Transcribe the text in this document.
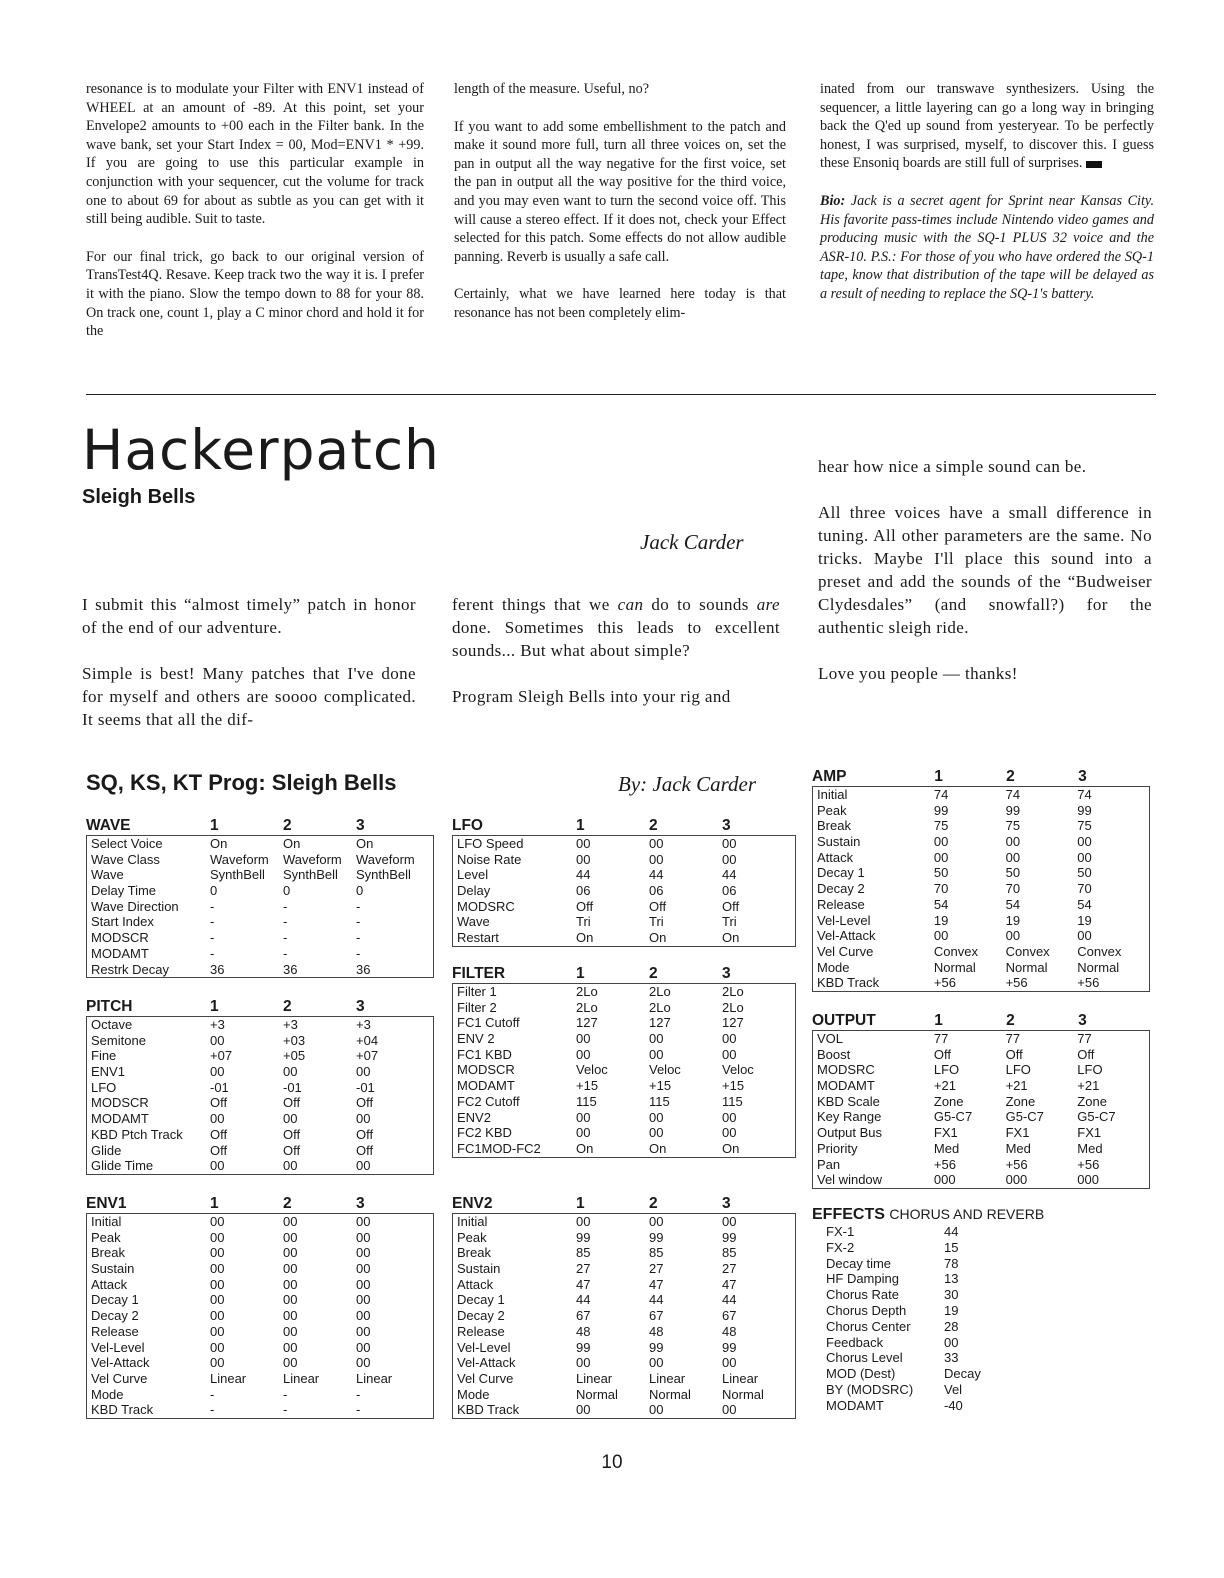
resonance is to modulate your Filter with ENV1 instead of WHEEL at an amount of -89. At this point, set your Envelope2 amounts to +00 each in the Filter bank. In the wave bank, set your Start Index = 00, Mod=ENV1 * +99. If you are going to use this particular example in conjunction with your sequencer, cut the volume for track one to about 69 for about as subtle as you can get with it still being audible. Suit to taste.

For our final trick, go back to our original version of TransTest4Q. Resave. Keep track two the way it is. I prefer it with the piano. Slow the tempo down to 88 for your 88. On track one, count 1, play a C minor chord and hold it for the

length of the measure. Useful, no?

If you want to add some embellishment to the patch and make it sound more full, turn all three voices on, set the pan in output all the way negative for the first voice, set the pan in output all the way positive for the third voice, and you may even want to turn the second voice off. This will cause a stereo effect. If it does not, check your Effect selected for this patch. Some effects do not allow audible panning. Reverb is usually a safe call.

Certainly, what we have learned here today is that resonance has not been completely elim-

inated from our transwave synthesizers. Using the sequencer, a little layering can go a long way in bringing back the Q'ed up sound from yesteryear. To be perfectly honest, I was surprised, myself, to discover this. I guess these Ensoniq boards are still full of surprises.

Bio: Jack is a secret agent for Sprint near Kansas City. His favorite pass-times include Nintendo video games and producing music with the SQ-1 PLUS 32 voice and the ASR-10. P.S.: For those of you who have ordered the SQ-1 tape, know that distribution of the tape will be delayed as a result of needing to replace the SQ-1's battery.

Hackerpatch
Sleigh Bells
Jack Carder

I submit this “almost timely” patch in honor of the end of our adventure.

Simple is best! Many patches that I've done for myself and others are soooo complicated. It seems that all the dif-

ferent things that we can do to sounds are done. Sometimes this leads to excellent sounds... But what about simple?

Program Sleigh Bells into your rig and

hear how nice a simple sound can be.

All three voices have a small difference in tuning. All other parameters are the same. No tricks. Maybe I'll place this sound into a preset and add the sounds of the “Budweiser Clydesdales” (and snowfall?) for the authentic sleigh ride.

Love you people — thanks!

SQ, KS, KT Prog: Sleigh Bells	By: Jack Carder
WAVE	1	2	3
Select Voice	On	On	On
Wave Class	Waveform	Waveform	Waveform
Wave	SynthBell	SynthBell	SynthBell
Delay Time	0	0	0
Wave Direction	-	-	-
Start Index	-	-	-
MODSCR	-	-	-
MODAMT	-	-	-
Restrk Decay	36	36	36
PITCH	1	2	3
Octave	+3	+3	+3
Semitone	00	+03	+04
Fine	+07	+05	+07
ENV1	00	00	00
LFO	-01	-01	-01
MODSCR	Off	Off	Off
MODAMT	00	00	00
KBD Ptch Track	Off	Off	Off
Glide	Off	Off	Off
Glide Time	00	00	00
ENV1	1	2	3
Initial	00	00	00
Peak	00	00	00
Break	00	00	00
Sustain	00	00	00
Attack	00	00	00
Decay 1	00	00	00
Decay 2	00	00	00
Release	00	00	00
Vel-Level	00	00	00
Vel-Attack	00	00	00
Vel Curve	Linear	Linear	Linear
Mode	-	-	-
KBD Track	-	-	-
LFO	1	2	3
LFO Speed	00	00	00
Noise Rate	00	00	00
Level	44	44	44
Delay	06	06	06
MODSRC	Off	Off	Off
Wave	Tri	Tri	Tri
Restart	On	On	On
FILTER	1	2	3
Filter 1	2Lo	2Lo	2Lo
Filter 2	2Lo	2Lo	2Lo
FC1 Cutoff	127	127	127
ENV 2	00	00	00
FC1 KBD	00	00	00
MODSCR	Veloc	Veloc	Veloc
MODAMT	+15	+15	+15
FC2 Cutoff	115	115	115
ENV2	00	00	00
FC2 KBD	00	00	00
FC1MOD-FC2	On	On	On
ENV2	1	2	3
Initial	00	00	00
Peak	99	99	99
Break	85	85	85
Sustain	27	27	27
Attack	47	47	47
Decay 1	44	44	44
Decay 2	67	67	67
Release	48	48	48
Vel-Level	99	99	99
Vel-Attack	00	00	00
Vel Curve	Linear	Linear	Linear
Mode	Normal	Normal	Normal
KBD Track	00	00	00
AMP	1	2	3
Initial	74	74	74
Peak	99	99	99
Break	75	75	75
Sustain	00	00	00
Attack	00	00	00
Decay 1	50	50	50
Decay 2	70	70	70
Release	54	54	54
Vel-Level	19	19	19
Vel-Attack	00	00	00
Vel Curve	Convex	Convex	Convex
Mode	Normal	Normal	Normal
KBD Track	+56	+56	+56
OUTPUT	1	2	3
VOL	77	77	77
Boost	Off	Off	Off
MODSRC	LFO	LFO	LFO
MODAMT	+21	+21	+21
KBD Scale	Zone	Zone	Zone
Key Range	G5-C7	G5-C7	G5-C7
Output Bus	FX1	FX1	FX1
Priority	Med	Med	Med
Pan	+56	+56	+56
Vel window	000	000	000
EFFECTS CHORUS AND REVERB
FX-1	44
FX-2	15
Decay time	78
HF Damping	13
Chorus Rate	30
Chorus Depth	19
Chorus Center	28
Feedback	00
Chorus Level	33
MOD (Dest)	Decay
BY (MODSRC)	Vel
MODAMT	-40
10
